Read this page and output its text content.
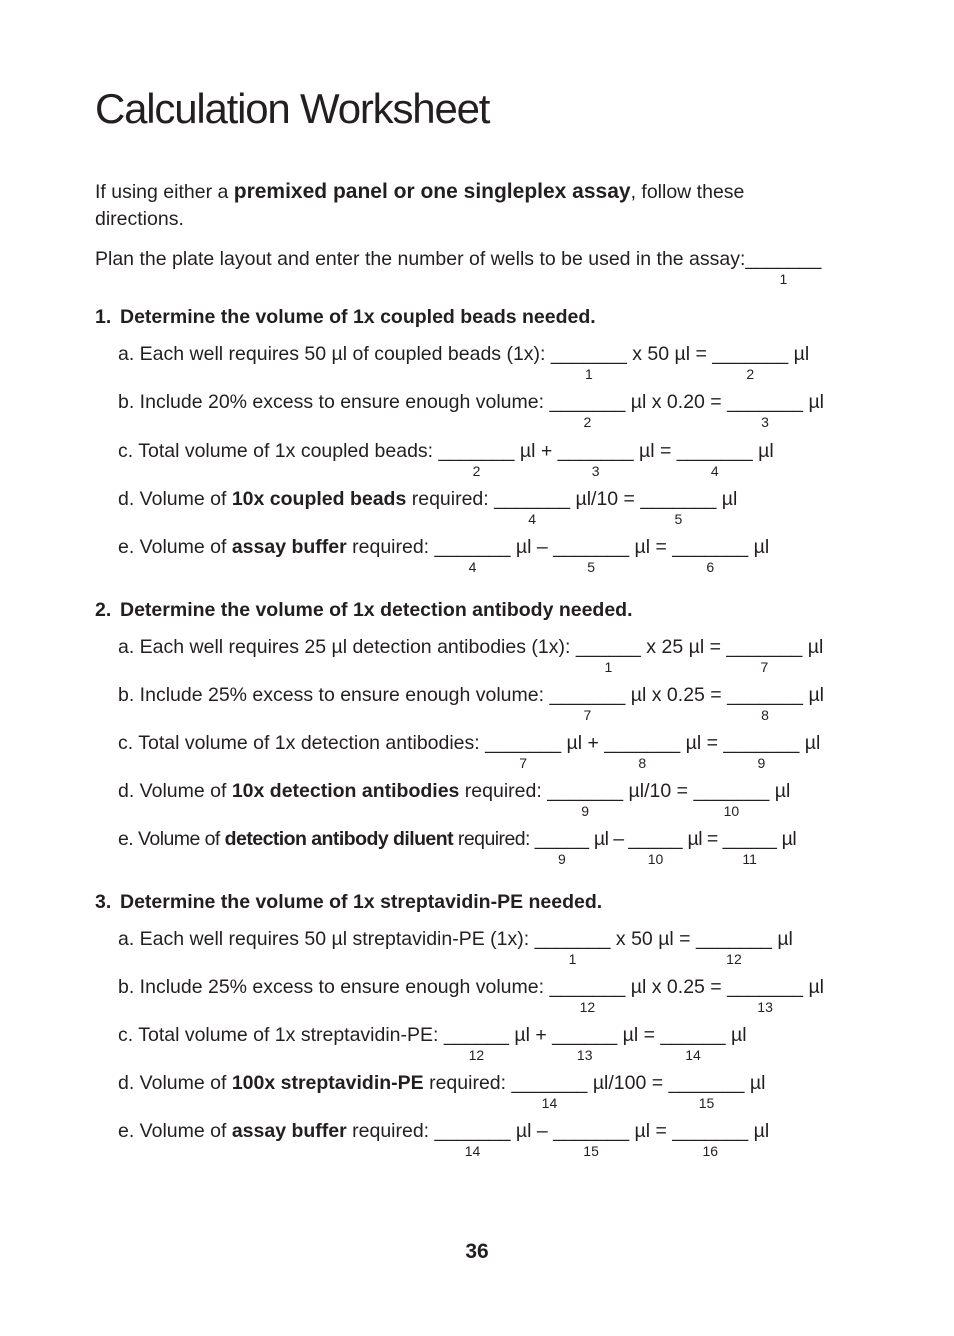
Calculation Worksheet

If using either a premixed panel or one singleplex assay, follow these directions.

Plan the plate layout and enter the number of wells to be used in the assay:_______
1
1. Determine the volume of 1x coupled beads needed.
a. Each well requires 50 µl of coupled beads (1x): _______
1
x 50 µl = _______
2
µl
b. Include 20% excess to ensure enough volume: _______
2
µl x 0.20 = _______
3
µl
c. Total volume of 1x coupled beads: _______
2
µl + _______
3
µl = _______
4
µl
d. Volume of 10x coupled beads required: _______
4
µl/10 = _______
5
µl
e. Volume of assay buffer required: _______
4
µl – _______
5
µl = _______
6
µl
2. Determine the volume of 1x detection antibody needed.
a. Each well requires 25 µl detection antibodies (1x): ______
1
x 25 µl = _______
7
µl
b. Include 25% excess to ensure enough volume: _______
7
µl x 0.25 = _______
8
µl
c. Total volume of 1x detection antibodies: _______
7
µl + _______
8
µl = _______
9
µl
d. Volume of 10x detection antibodies required: _______
9
µl/10 = _______
10
µl
e. Volume of detection antibody diluent required: _____
9
µl – _____
10
µl = _____
11
µl
3. Determine the volume of 1x streptavidin-PE needed.
a. Each well requires 50 µl streptavidin-PE (1x): _______
1
x 50 µl = _______
12
µl
b. Include 25% excess to ensure enough volume: _______
12
µl x 0.25 = _______
13
µl
c. Total volume of 1x streptavidin-PE: ______
12
µl + ______
13
µl = ______
14
µl
d. Volume of 100x streptavidin-PE required: _______
14
µl/100 = _______
15
µl
e. Volume of assay buffer required: _______
14
µl – _______
15
µl = _______
16
µl

36
